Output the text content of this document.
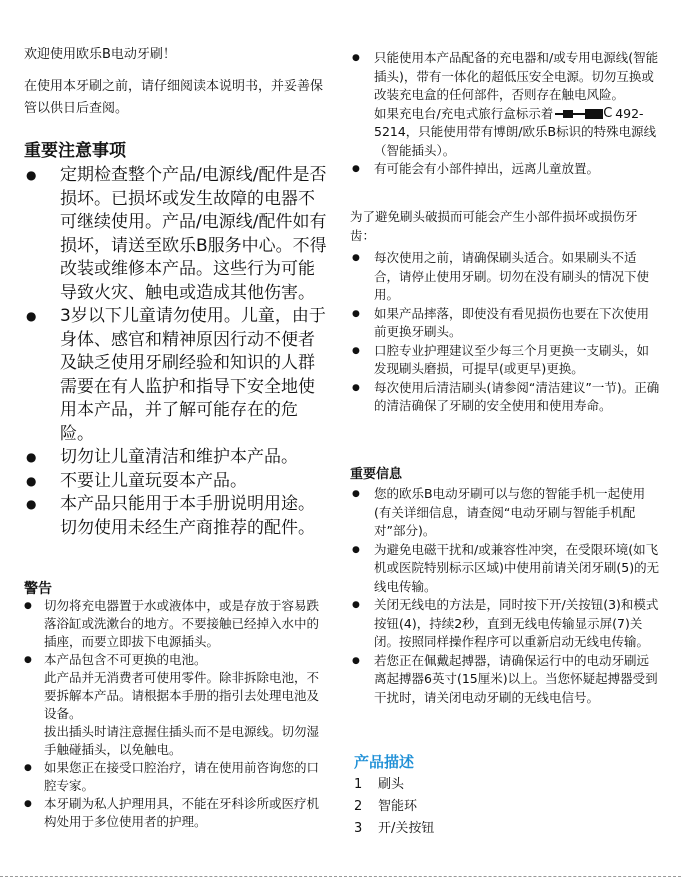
欢迎使用欧乐B电动牙刷！

在使用本牙刷之前，请仔细阅读本说明书，并妥善保管以供日后查阅。

重要注意事项

● 定期检查整个产品/电源线/配件是否损坏。已损坏或发生故障的电器不可继续使用。产品/电源线/配件如有损坏，请送至欧乐B服务中心。不得改装或维修本产品。这些行为可能导致火灾、触电或造成其他伤害。
● 3岁以下儿童请勿使用。儿童，由于身体、感官和精神原因行动不便者及缺乏使用牙刷经验和知识的人群需要在有人监护和指导下安全地使用本产品，并了解可能存在的危险。
● 切勿让儿童清洁和维护本产品。
● 不要让儿童玩耍本产品。
● 本产品只能用于本手册说明用途。切勿使用未经生产商推荐的配件。

警告

● 切勿将充电器置于水或液体中，或是存放于容易跌落浴缸或洗漱台的地方。不要接触已经掉入水中的插座，而要立即拔下电源插头。

● 本产品包含不可更换的电池。

此产品并无消费者可使用零件。除非拆除电池，不要拆解本产品。请根据本手册的指引去处理电池及设备。

拔出插头时请注意握住插头而不是电源线。切勿湿手触碰插头，以免触电。

● 如果您正在接受口腔治疗，请在使用前咨询您的口腔专家。

● 本牙刷为私人护理用具，不能在牙科诊所或医疗机构处用于多位使用者的护理。

● 只能使用本产品配备的充电器和/或专用电源线(智能插头)，带有一体化的超低压安全电源。切勿互换或改装充电盒的任何部件，否则存在触电风险。
如果充电台/充电式旅行盒标示着	C 492-5214，只能使用带有博朗/欧乐B标识的特殊电源线（智能插头）。
● 有可能会有小部件掉出，远离儿童放置。

为了避免刷头破损而可能会产生小部件损坏或损伤牙齿：

● 每次使用之前，请确保刷头适合。如果刷头不适合，请停止使用牙刷。切勿在没有刷头的情况下使用。
● 如果产品摔落，即使没有看见损伤也要在下次使用前更换牙刷头。
● 口腔专业护理建议至少每三个月更换一支刷头，如发现刷头磨损，可提早(或更早)更换。
● 每次使用后清洁刷头(请参阅“清洁建议”一节)。正确的清洁确保了牙刷的安全使用和使用寿命。

重要信息

● 您的欧乐B电动牙刷可以与您的智能手机一起使用(有关详细信息，请查阅“电动牙刷与智能手机配对”部分)。
● 为避免电磁干扰和/或兼容性冲突，在受限环境(如飞机或医院特别标示区域)中使用前请关闭牙刷(5)的无线电传输。
● 关闭无线电的方法是，同时按下开/关按钮(3)和模式按钮(4)，持续2秒，直到无线电传输显示屏(7)关闭。按照同样操作程序可以重新启动无线电传输。
● 若您正在佩戴起搏器，请确保运行中的电动牙刷远离起搏器6英寸(15厘米)以上。当您怀疑起搏器受到干扰时，请关闭电动牙刷的无线电信号。

产品描述

1	刷头
2	智能环
3	开/关按钮
